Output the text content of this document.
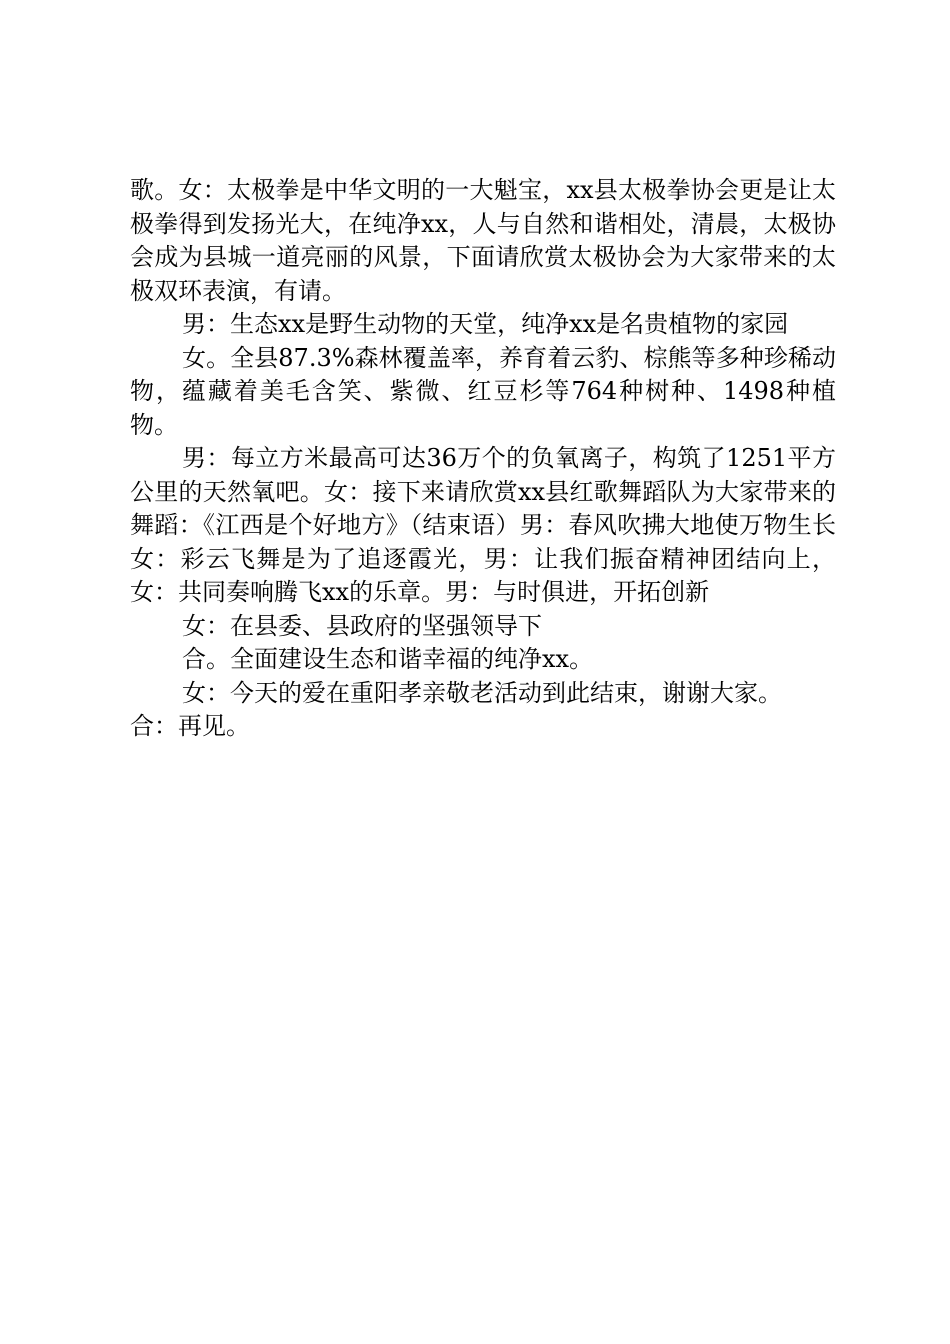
歌。女：太极拳是中华文明的一大魁宝，xx县太极拳协会更是让太极拳得到发扬光大，在纯净xx，人与自然和谐相处，清晨，太极协会成为县城一道亮丽的风景，下面请欣赏太极协会为大家带来的太极双环表演，有请。

男：生态xx是野生动物的天堂，纯净xx是名贵植物的家园

女。全县87.3%森林覆盖率，养育着云豹、棕熊等多种珍稀动物，蕴藏着美毛含笑、紫微、红豆杉等764种树种、1498种植物。

男：每立方米最高可达36万个的负氧离子，构筑了1251平方公里的天然氧吧。女：接下来请欣赏xx县红歌舞蹈队为大家带来的舞蹈：《江西是个好地方》（结束语）男：春风吹拂大地使万物生长女：彩云飞舞是为了追逐霞光，男：让我们振奋精神团结向上，女：共同奏响腾飞xx的乐章。男：与时俱进，开拓创新

女：在县委、县政府的坚强领导下

合。全面建设生态和谐幸福的纯净xx。

女：今天的爱在重阳孝亲敬老活动到此结束，谢谢大家。

合：再见。
